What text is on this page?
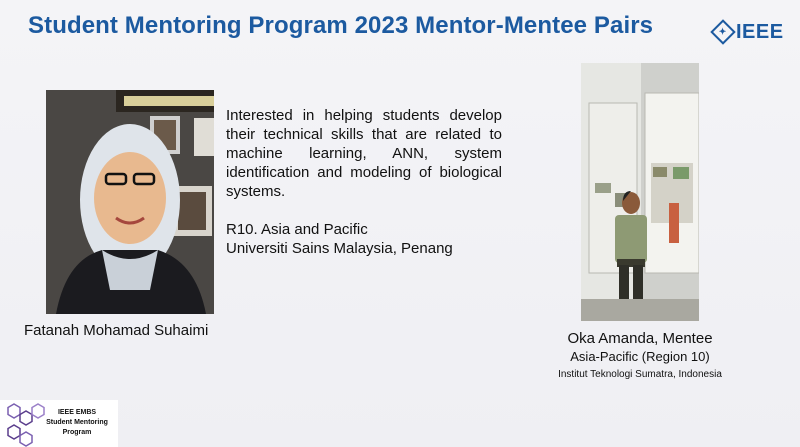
Student Mentoring Program 2023 Mentor-Mentee Pairs	✦ IEEE
Fatanah Mohamad Suhaimi
Interested in helping students develop their technical skills that are related to machine learning, ANN, system identification and modeling of biological systems.
R10. Asia and Pacific
Universiti Sains Malaysia, Penang
Oka Amanda, Mentee
Asia-Pacific (Region 10)
Institut Teknologi Sumatra, Indonesia
IEEE EMBS
Student Mentoring
Program
